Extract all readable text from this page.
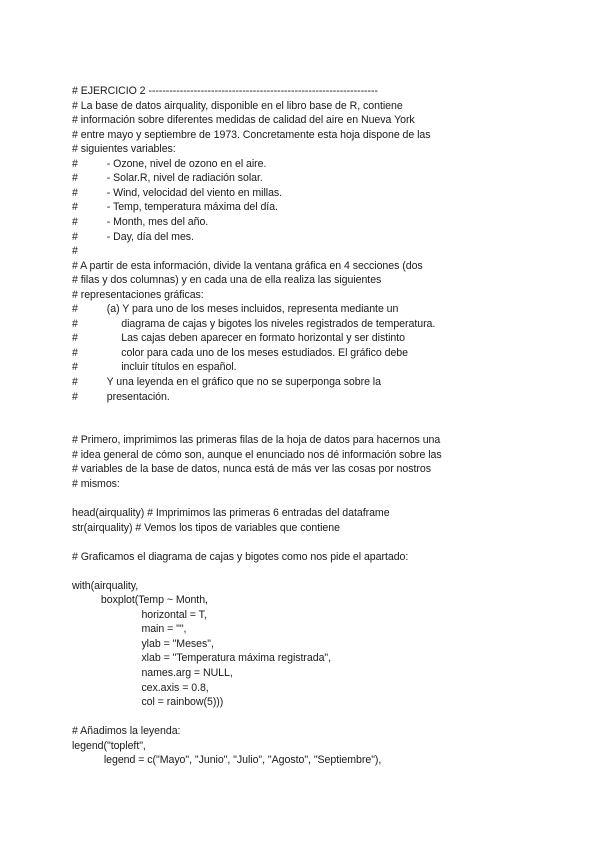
# EJERCICIO 2 ------------------------------------------------------------------
# La base de datos airquality, disponible en el libro base de R, contiene
# información sobre diferentes medidas de calidad del aire en Nueva York
# entre mayo y septiembre de 1973. Concretamente esta hoja dispone de las
# siguientes variables:
#          - Ozone, nivel de ozono en el aire.
#          - Solar.R, nivel de radiación solar.
#          - Wind, velocidad del viento en millas.
#          - Temp, temperatura máxima del día.
#          - Month, mes del año.
#          - Day, día del mes.
#
# A partir de esta información, divide la ventana gráfica en 4 secciones (dos
# filas y dos columnas) y en cada una de ella realiza las siguientes
# representaciones gráficas:
#          (a) Y para uno de los meses incluidos, representa mediante un
#               diagrama de cajas y bigotes los niveles registrados de temperatura.
#               Las cajas deben aparecer en formato horizontal y ser distinto
#               color para cada uno de los meses estudiados. El gráfico debe
#               incluir títulos en español.
#          Y una leyenda en el gráfico que no se superponga sobre la
#          presentación.
# Primero, imprimimos las primeras filas de la hoja de datos para hacernos una
# idea general de cómo son, aunque el enunciado nos dé información sobre las
# variables de la base de datos, nunca está de más ver las cosas por nostros
# mismos:
head(airquality) # Imprimimos las primeras 6 entradas del dataframe
str(airquality) # Vemos los tipos de variables que contiene
# Graficamos el diagrama de cajas y bigotes como nos pide el apartado:
with(airquality,
boxplot(Temp ~ Month,
horizontal = T,
main = "",
ylab = "Meses",
xlab = "Temperatura máxima registrada",
names.arg = NULL,
cex.axis = 0.8,
col = rainbow(5)))
# Añadimos la leyenda:
legend("topleft",
legend = c("Mayo", "Junio", "Julio", "Agosto", "Septiembre"),
